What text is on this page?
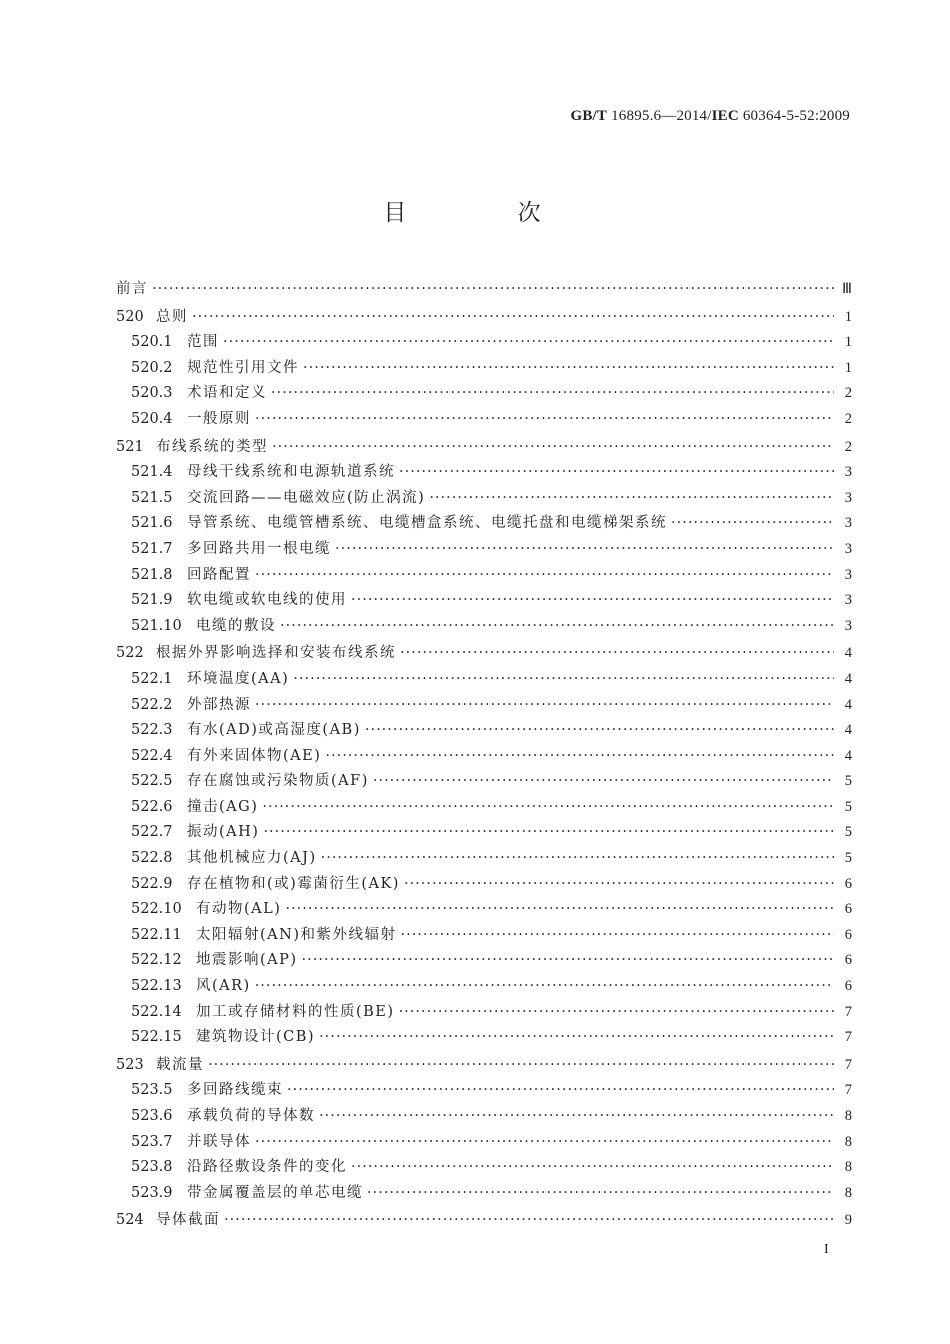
GB/T 16895.6—2014/IEC 60364-5-52:2009
目 次
前言 ·····	Ⅲ
520 总则 ·····	1
520.1 范围 ·····	1
520.2 规范性引用文件 ·····	1
520.3 术语和定义 ·····	2
520.4 一般原则 ·····	2
521 布线系统的类型 ·····	2
521.4 母线干线系统和电源轨道系统 ·····	3
521.5 交流回路——电磁效应(防止涡流) ·····	3
521.6 导管系统、电缆管槽系统、电缆槽盒系统、电缆托盘和电缆梯架系统 ·····	3
521.7 多回路共用一根电缆 ·····	3
521.8 回路配置 ·····	3
521.9 软电缆或软电线的使用 ·····	3
521.10 电缆的敷设 ·····	3
522 根据外界影响选择和安装布线系统 ·····	4
522.1 环境温度(AA) ·····	4
522.2 外部热源 ·····	4
522.3 有水(AD)或高湿度(AB) ·····	4
522.4 有外来固体物(AE) ·····	4
522.5 存在腐蚀或污染物质(AF) ·····	5
522.6 撞击(AG) ·····	5
522.7 振动(AH) ·····	5
522.8 其他机械应力(AJ) ·····	5
522.9 存在植物和(或)霉菌衍生(AK) ·····	6
522.10 有动物(AL) ·····	6
522.11 太阳辐射(AN)和紫外线辐射 ·····	6
522.12 地震影响(AP) ·····	6
522.13 风(AR) ·····	6
522.14 加工或存储材料的性质(BE) ·····	7
522.15 建筑物设计(CB) ·····	7
523 载流量 ·····	7
523.5 多回路线缆束 ·····	7
523.6 承载负荷的导体数 ·····	8
523.7 并联导体 ·····	8
523.8 沿路径敷设条件的变化 ·····	8
523.9 带金属覆盖层的单芯电缆 ·····	8
524 导体截面 ·····	9
I
